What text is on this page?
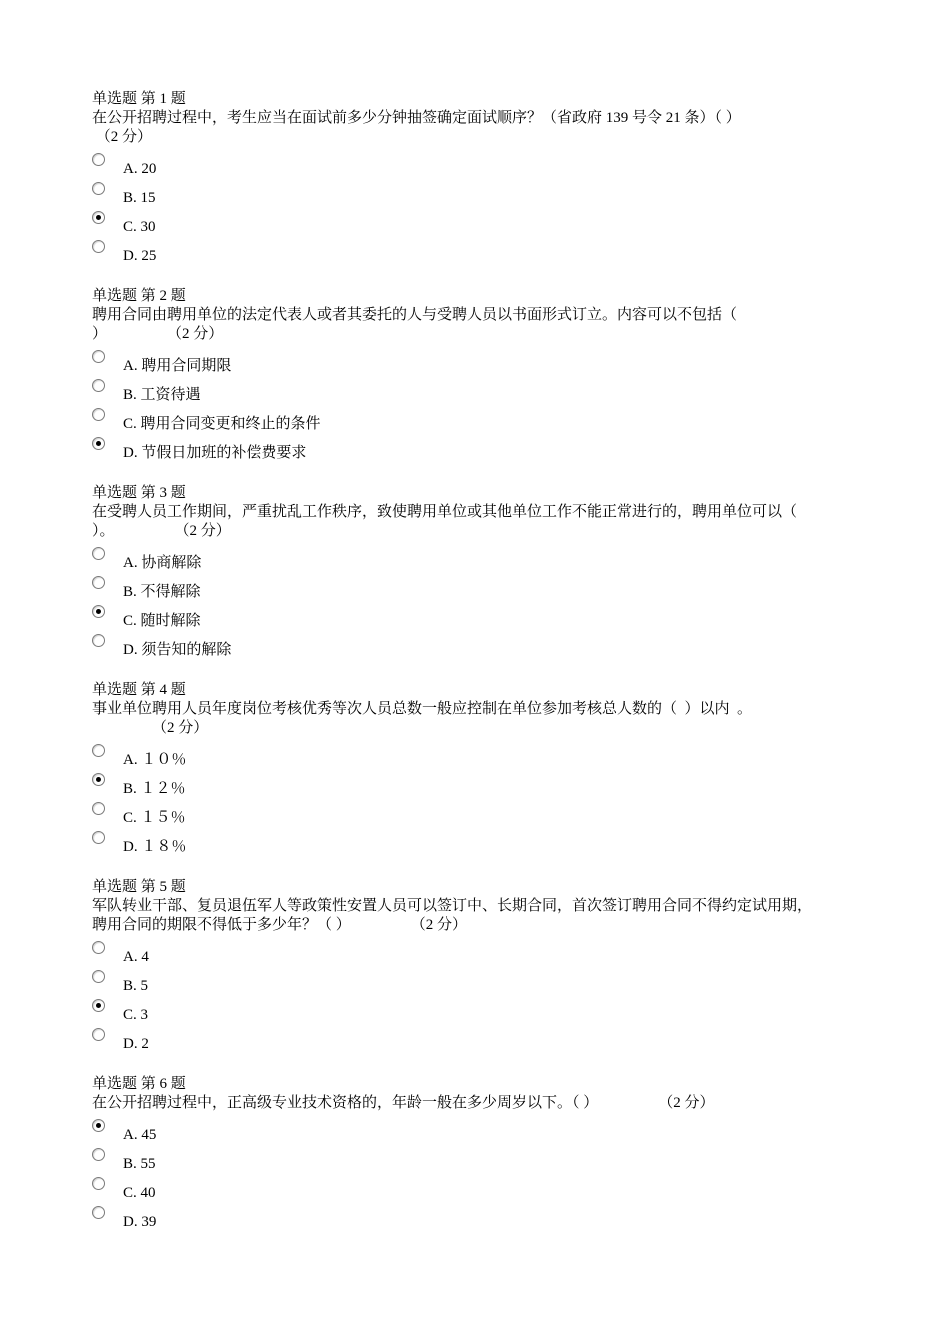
单选题 第 1 题
在公开招聘过程中，考生应当在面试前多少分钟抽签确定面试顺序？（省政府 139 号令 21 条）（ ）
（2 分）
A. 20
B. 15
C. 30
D. 25
单选题 第 2 题
聘用合同由聘用单位的法定代表人或者其委托的人与受聘人员以书面形式订立。内容可以不包括（
）                （2 分）
A. 聘用合同期限
B. 工资待遇
C. 聘用合同变更和终止的条件
D. 节假日加班的补偿费要求
单选题 第 3 题
在受聘人员工作期间，严重扰乱工作秩序，致使聘用单位或其他单位工作不能正常进行的，聘用单位可以（
）。                （2 分）
A. 协商解除
B. 不得解除
C. 随时解除
D. 须告知的解除
单选题 第 4 题
事业单位聘用人员年度岗位考核优秀等次人员总数一般应控制在单位参加考核总人数的（  ）以内  。
（2 分）
A. １０％
B. １２％
C. １５％
D. １８％
单选题 第 5 题
军队转业干部、复员退伍军人等政策性安置人员可以签订中、长期合同，首次签订聘用合同不得约定试用期，
聘用合同的期限不得低于多少年？（ ）                （2 分）
A. 4
B. 5
C. 3
D. 2
单选题 第 6 题
在公开招聘过程中，正高级专业技术资格的，年龄一般在多少周岁以下。（ ）                （2 分）
A. 45
B. 55
C. 40
D. 39
